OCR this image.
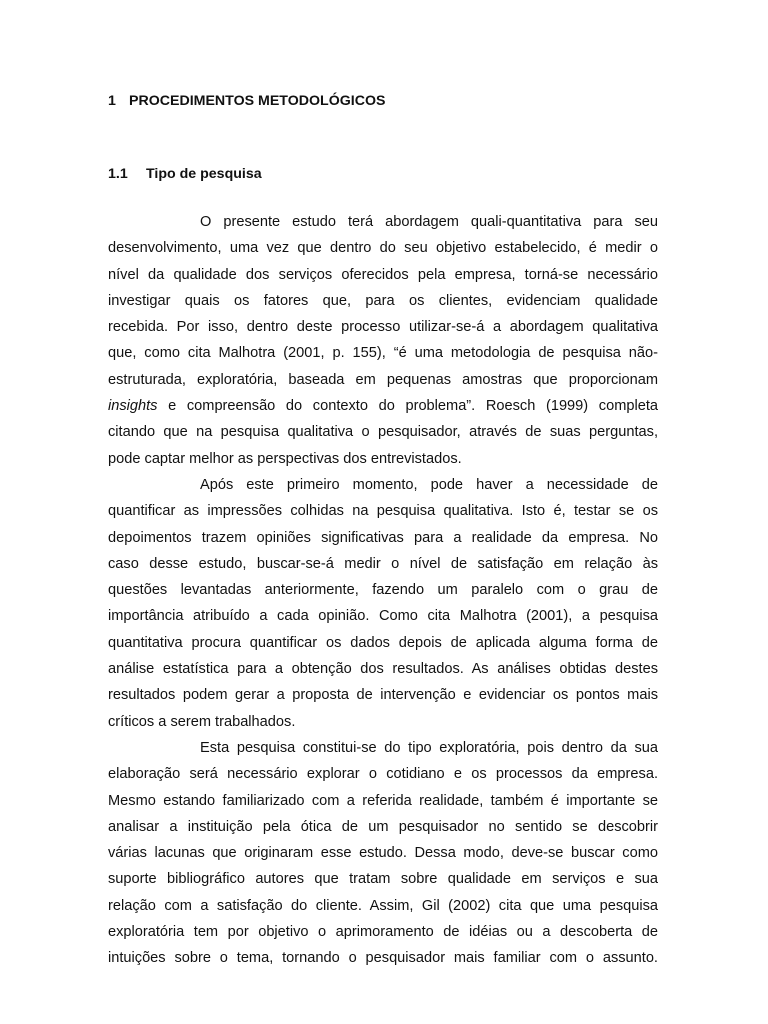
1 PROCEDIMENTOS METODOLÓGICOS
1.1 Tipo de pesquisa
O presente estudo terá abordagem quali-quantitativa para seu
desenvolvimento, uma vez que dentro do seu objetivo estabelecido, é medir o
nível da qualidade dos serviços oferecidos pela empresa, torná-se necessário
investigar quais os fatores que, para os clientes, evidenciam qualidade
recebida. Por isso, dentro deste processo utilizar-se-á a abordagem qualitativa
que, como cita Malhotra (2001, p. 155), “é uma metodologia de pesquisa não-
estruturada, exploratória, baseada em pequenas amostras que proporcionam
insights e compreensão do contexto do problema”. Roesch (1999) completa
citando que na pesquisa qualitativa o pesquisador, através de suas perguntas,
pode captar melhor as perspectivas dos entrevistados.
Após este primeiro momento, pode haver a necessidade de
quantificar as impressões colhidas na pesquisa qualitativa. Isto é, testar se os
depoimentos trazem opiniões significativas para a realidade da empresa. No
caso desse estudo, buscar-se-á medir o nível de satisfação em relação às
questões levantadas anteriormente, fazendo um paralelo com o grau de
importância atribuído a cada opinião. Como cita Malhotra (2001), a pesquisa
quantitativa procura quantificar os dados depois de aplicada alguma forma de
análise estatística para a obtenção dos resultados. As análises obtidas destes
resultados podem gerar a proposta de intervenção e evidenciar os pontos mais
críticos a serem trabalhados.
Esta pesquisa constitui-se do tipo exploratória, pois dentro da sua
elaboração será necessário explorar o cotidiano e os processos da empresa.
Mesmo estando familiarizado com a referida realidade, também é importante se
analisar a instituição pela ótica de um pesquisador no sentido se descobrir
várias lacunas que originaram esse estudo. Dessa modo, deve-se buscar como
suporte bibliográfico autores que tratam sobre qualidade em serviços e sua
relação com a satisfação do cliente. Assim, Gil (2002) cita que uma pesquisa
exploratória tem por objetivo o aprimoramento de idéias ou a descoberta de
intuições sobre o tema, tornando o pesquisador mais familiar com o assunto.
